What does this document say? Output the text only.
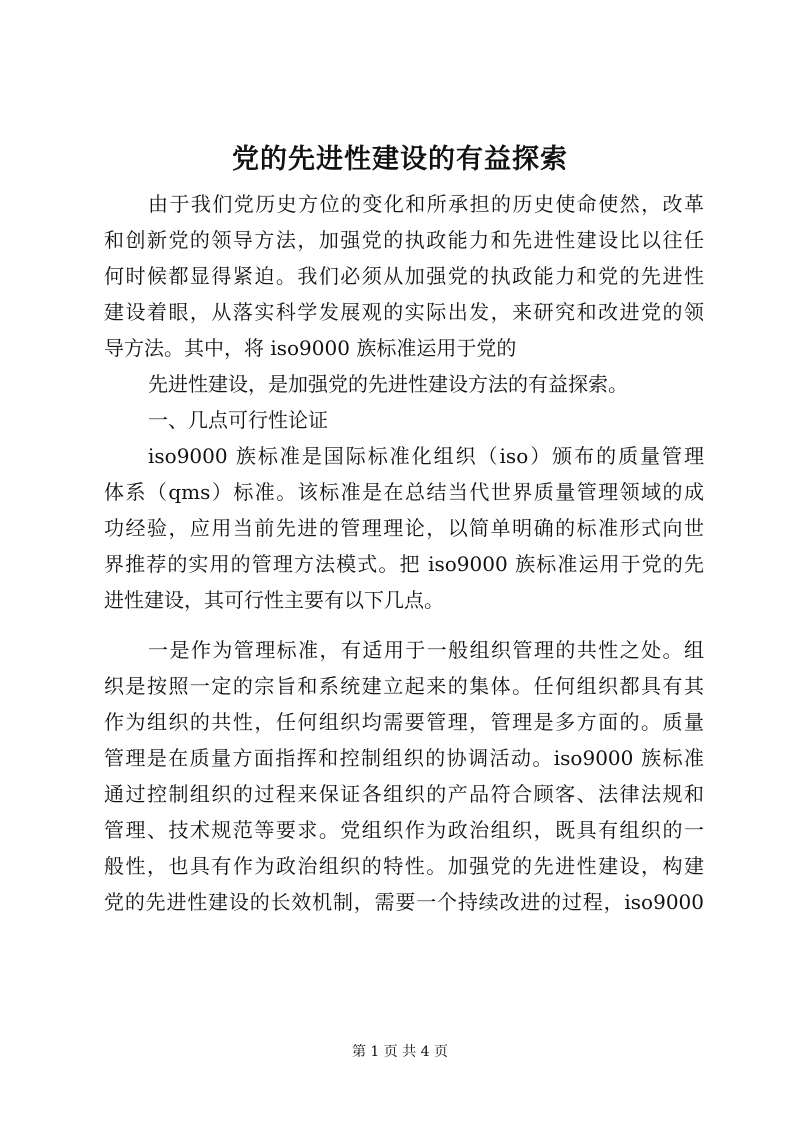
党的先进性建设的有益探索
由于我们党历史方位的变化和所承担的历史使命使然，改革
和创新党的领导方法，加强党的执政能力和先进性建设比以往任
何时候都显得紧迫。我们必须从加强党的执政能力和党的先进性
建设着眼，从落实科学发展观的实际出发，来研究和改进党的领
导方法。其中，将 iso9000 族标准运用于党的
先进性建设，是加强党的先进性建设方法的有益探索。
一、几点可行性论证
iso9000 族标准是国际标准化组织（iso）颁布的质量管理
体系（qms）标准。该标准是在总结当代世界质量管理领域的成
功经验，应用当前先进的管理理论，以简单明确的标准形式向世
界推荐的实用的管理方法模式。把 iso9000 族标准运用于党的先
进性建设，其可行性主要有以下几点。
一是作为管理标准，有适用于一般组织管理的共性之处。组
织是按照一定的宗旨和系统建立起来的集体。任何组织都具有其
作为组织的共性，任何组织均需要管理，管理是多方面的。质量
管理是在质量方面指挥和控制组织的协调活动。iso9000 族标准
通过控制组织的过程来保证各组织的产品符合顾客、法律法规和
管理、技术规范等要求。党组织作为政治组织，既具有组织的一
般性，也具有作为政治组织的特性。加强党的先进性建设，构建
党的先进性建设的长效机制，需要一个持续改进的过程，iso9000
第 1 页 共 4 页
